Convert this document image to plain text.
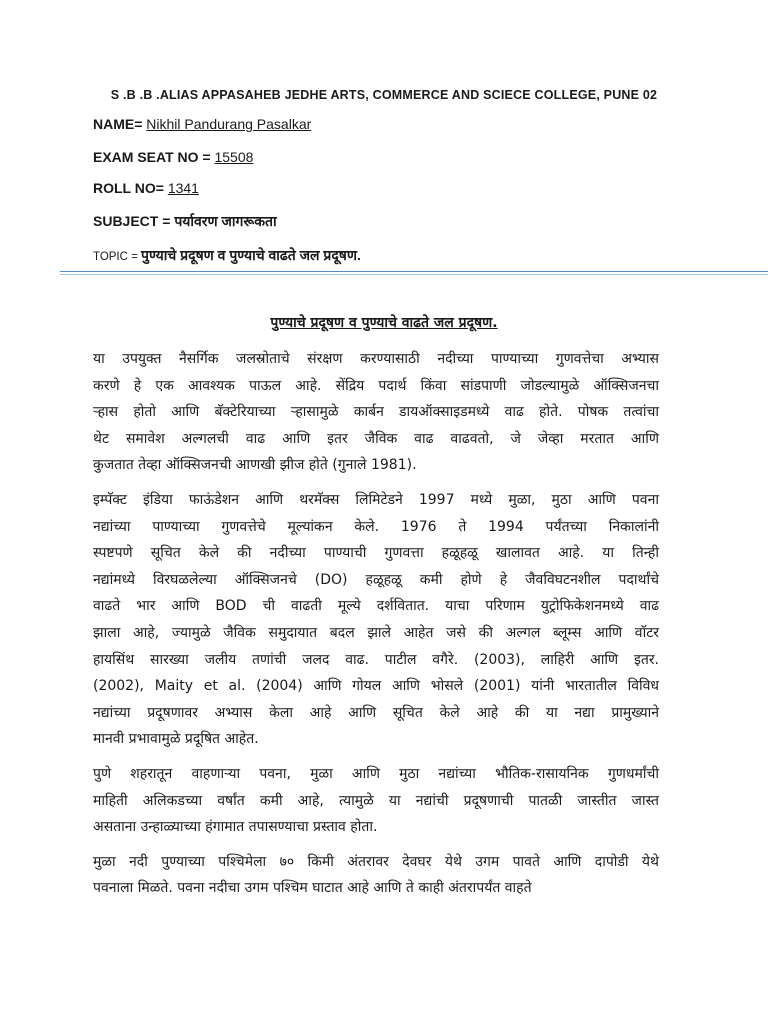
S .B .B .ALIAS APPASAHEB JEDHE ARTS, COMMERCE AND SCIECE COLLEGE, PUNE 02
NAME= Nikhil Pandurang Pasalkar
EXAM SEAT NO = 15508
ROLL NO= 1341
SUBJECT = पर्यावरण जागरूकता
TOPIC = पुण्याचे प्रदूषण व पुण्याचे वाढते जल प्रदूषण.
पुण्याचे प्रदूषण व पुण्याचे वाढते जल प्रदूषण.
या उपयुक्त नैसर्गिक जलस्रोताचे संरक्षण करण्यासाठी नदीच्या पाण्याच्या गुणवत्तेचा अभ्यास
करणे हे एक आवश्यक पाऊल आहे. सेंद्रिय पदार्थ किंवा सांडपाणी जोडल्यामुळे ऑक्सिजनचा
ऱ्हास होतो आणि बॅक्टेरियाच्या ऱ्हासामुळे कार्बन डायऑक्साइडमध्ये वाढ होते. पोषक तत्वांचा
थेट समावेश अल्गलची वाढ आणि इतर जैविक वाढ वाढवतो, जे जेव्हा मरतात आणि
कुजतात तेव्हा ऑक्सिजनची आणखी झीज होते (गुनाले 1981).
इम्पॅक्ट इंडिया फाऊंडेशन आणि थरमॅक्स लिमिटेडने 1997 मध्ये मुळा, मुठा आणि पवना
नद्यांच्या पाण्याच्या गुणवत्तेचे मूल्यांकन केले. 1976 ते 1994 पर्यंतच्या निकालांनी
स्पष्टपणे सूचित केले की नदीच्या पाण्याची गुणवत्ता हळूहळू खालावत आहे. या तिन्ही
नद्यांमध्ये विरघळलेल्या ऑक्सिजनचे (DO) हळूहळू कमी होणे हे जैवविघटनशील पदार्थांचे
वाढते भार आणि BOD ची वाढती मूल्ये दर्शवितात. याचा परिणाम युट्रोफिकेशनमध्ये वाढ
झाला आहे, ज्यामुळे जैविक समुदायात बदल झाले आहेत जसे की अल्गल ब्लूम्स आणि वॉटर
हायसिंथ सारख्या जलीय तणांची जलद वाढ. पाटील वगैरे. (2003), लाहिरी आणि इतर.
(2002), Maity et al. (2004) आणि गोयल आणि भोसले (2001) यांनी भारतातील विविध
नद्यांच्या प्रदूषणावर अभ्यास केला आहे आणि सूचित केले आहे की या नद्या प्रामुख्याने
मानवी प्रभावामुळे प्रदूषित आहेत.
पुणे शहरातून वाहणाऱ्या पवना, मुळा आणि मुठा नद्यांच्या भौतिक-रासायनिक गुणधर्मांची
माहिती अलिकडच्या वर्षांत कमी आहे, त्यामुळे या नद्यांची प्रदूषणाची पातळी जास्तीत जास्त
असताना उन्हाळ्याच्या हंगामात तपासण्याचा प्रस्ताव होता.
मुळा नदी पुण्याच्या पश्चिमेला ७० किमी अंतरावर देवघर येथे उगम पावते आणि दापोडी येथे
पवनाला मिळते. पवना नदीचा उगम पश्चिम घाटात आहे आणि ते काही अंतरापर्यंत वाहते
